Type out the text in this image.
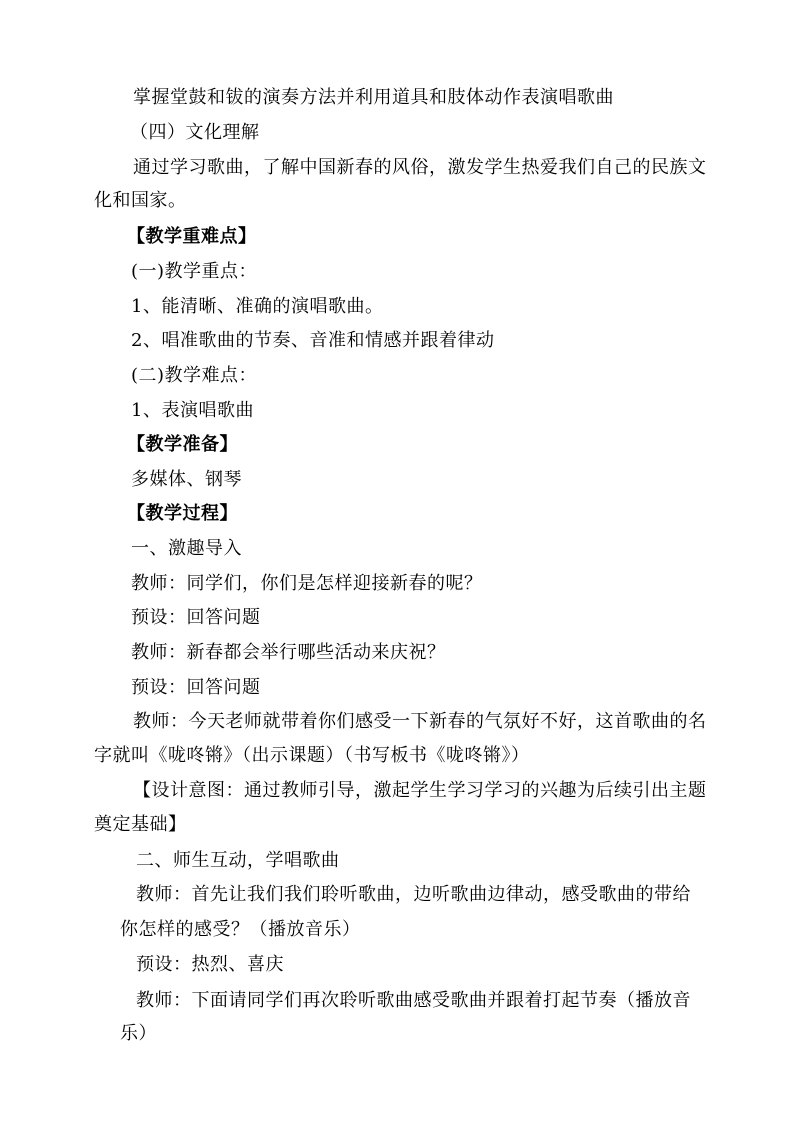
掌握堂鼓和钹的演奏方法并利用道具和肢体动作表演唱歌曲
（四）文化理解
通过学习歌曲，了解中国新春的风俗，激发学生热爱我们自己的民族文
化和国家。
【教学重难点】
(一)教学重点：
1、能清晰、准确的演唱歌曲。
2、唱准歌曲的节奏、音准和情感并跟着律动
(二)教学难点：
1、表演唱歌曲
【教学准备】
多媒体、钢琴
【教学过程】
一、激趣导入
教师：同学们，你们是怎样迎接新春的呢？
预设：回答问题
教师：新春都会举行哪些活动来庆祝？
预设：回答问题
教师：今天老师就带着你们感受一下新春的气氛好不好，这首歌曲的名
字就叫《咙咚锵》（出示课题）（书写板书《咙咚锵》）
【设计意图：通过教师引导，激起学生学习学习的兴趣为后续引出主题
奠定基础】
二、师生互动，学唱歌曲
教师：首先让我们我们聆听歌曲，边听歌曲边律动，感受歌曲的带给
你怎样的感受？（播放音乐）
预设：热烈、喜庆
教师：下面请同学们再次聆听歌曲感受歌曲并跟着打起节奏（播放音
乐）
